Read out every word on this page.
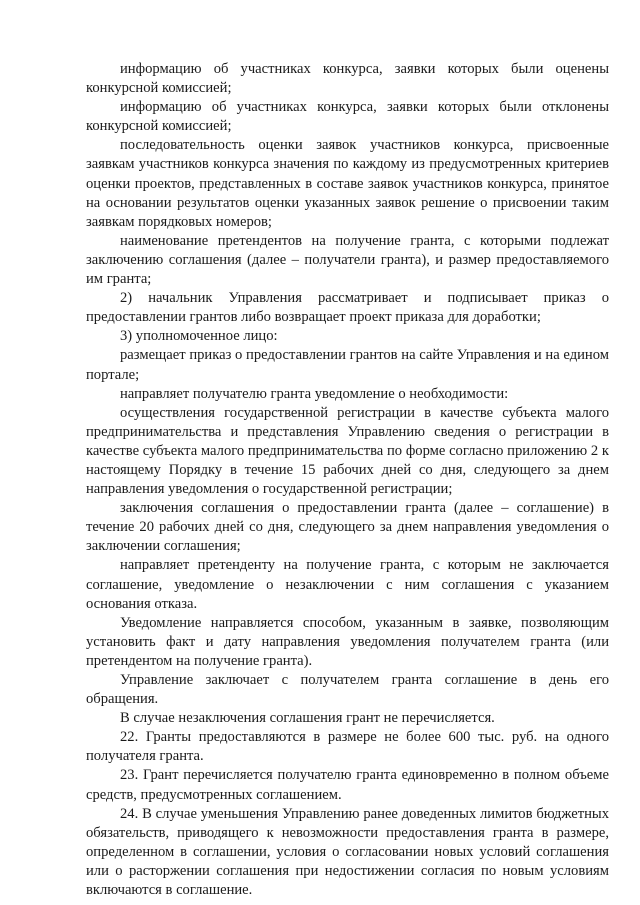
информацию об участниках конкурса, заявки которых были оценены конкурсной комиссией;

информацию об участниках конкурса, заявки которых были отклонены конкурсной комиссией;

последовательность оценки заявок участников конкурса, присвоенные заявкам участников конкурса значения по каждому из предусмотренных критериев оценки проектов, представленных в составе заявок участников конкурса, принятое на основании результатов оценки указанных заявок решение о присвоении таким заявкам порядковых номеров;

наименование претендентов на получение гранта, с которыми подлежат заключению соглашения (далее – получатели гранта), и размер предоставляемого им гранта;

2) начальник Управления рассматривает и подписывает приказ о предоставлении грантов либо возвращает проект приказа для доработки;

3) уполномоченное лицо:

размещает приказ о предоставлении грантов на сайте Управления и на едином портале;

направляет получателю гранта уведомление о необходимости:

осуществления государственной регистрации в качестве субъекта малого предпринимательства и представления Управлению сведения о регистрации в качестве субъекта малого предпринимательства по форме согласно приложению 2 к настоящему Порядку в течение 15 рабочих дней со дня, следующего за днем направления уведомления о государственной регистрации;

заключения соглашения о предоставлении гранта (далее – соглашение) в течение 20 рабочих дней со дня, следующего за днем направления уведомления о заключении соглашения;

направляет претенденту на получение гранта, с которым не заключается соглашение, уведомление о незаключении с ним соглашения с указанием основания отказа.

Уведомление направляется способом, указанным в заявке, позволяющим установить факт и дату направления уведомления получателем гранта (или претендентом на получение гранта).

Управление заключает с получателем гранта соглашение в день его обращения.

В случае незаключения соглашения грант не перечисляется.

22. Гранты предоставляются в размере не более 600 тыс. руб. на одного получателя гранта.

23. Грант перечисляется получателю гранта единовременно в полном объеме средств, предусмотренных соглашением.

24. В случае уменьшения Управлению ранее доведенных лимитов бюджетных обязательств, приводящего к невозможности предоставления гранта в размере, определенном в соглашении, условия о согласовании новых условий соглашения или о расторжении соглашения при недостижении согласия по новым условиям включаются в соглашение.
